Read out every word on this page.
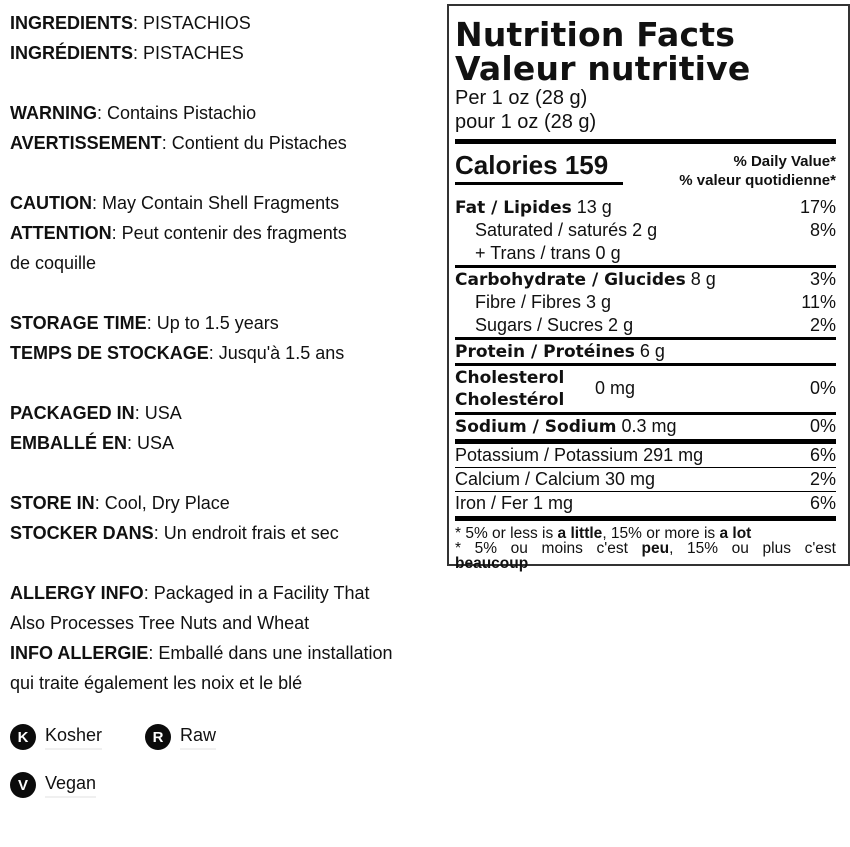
INGREDIENTS: PISTACHIOS
INGRÉDIENTS: PISTACHES
WARNING: Contains Pistachio
AVERTISSEMENT: Contient du Pistaches
CAUTION: May Contain Shell Fragments
ATTENTION: Peut contenir des fragments
de coquille
STORAGE TIME: Up to 1.5 years
TEMPS DE STOCKAGE: Jusqu'à 1.5 ans
PACKAGED IN: USA
EMBALLÉ EN: USA
STORE IN: Cool, Dry Place
STOCKER DANS: Un endroit frais et sec
ALLERGY INFO: Packaged in a Facility That
Also Processes Tree Nuts and Wheat
INFO ALLERGIE: Emballé dans une installation
qui traite également les noix et le blé
K Kosher	R Raw
V Vegan
Nutrition Facts
Valeur nutritive
Per 1 oz (28 g)
pour 1 oz (28 g)
Calories 159	% Daily Value*
% valeur quotidienne*
Fat / Lipides 13 g	17%
Saturated / saturés 2 g	8%
+ Trans / trans 0 g
Carbohydrate / Glucides 8 g	3%
Fibre / Fibres 3 g	11%
Sugars / Sucres 2 g	2%
Protein / Protéines 6 g
Cholesterol
Cholestérol
0 mg	0%
Sodium / Sodium 0.3 mg	0%
Potassium / Potassium 291 mg	6%
Calcium / Calcium 30 mg	2%
Iron / Fer 1 mg	6%
* 5% or less is a little, 15% or more is a lot
* 5% ou moins c'est peu, 15% ou plus c'est
beaucoup
